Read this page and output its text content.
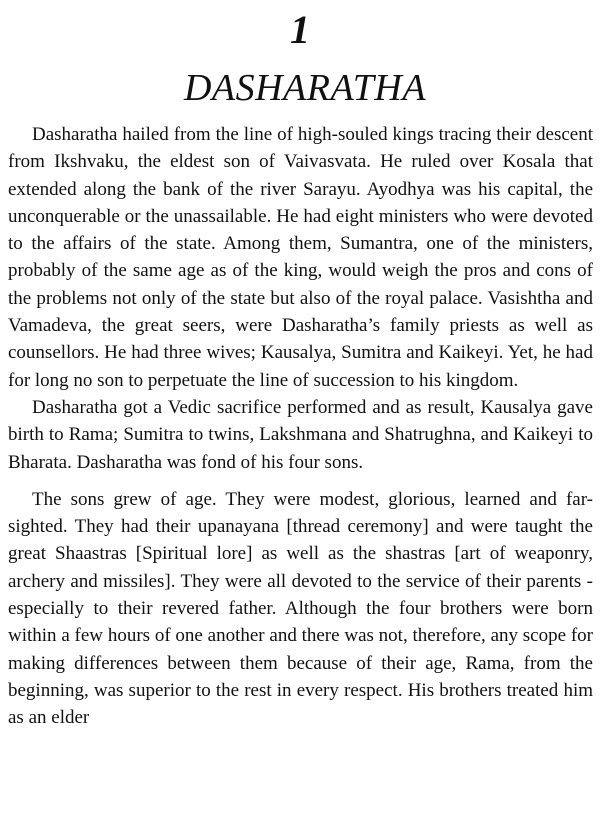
1
DASHARATHA

Dasharatha hailed from the line of high-souled kings tracing their descent from Ikshvaku, the eldest son of Vaivasvata. He ruled over Kosala that extended along the bank of the river Sarayu. Ayodhya was his capital, the unconquerable or the unassailable. He had eight ministers who were devoted to the affairs of the state. Among them, Sumantra, one of the ministers, probably of the same age as of the king, would weigh the pros and cons of the problems not only of the state but also of the royal palace. Vasishtha and Vamadeva, the great seers, were Dasharatha’s family priests as well as counsellors. He had three wives; Kausalya, Sumitra and Kaikeyi. Yet, he had for long no son to perpetuate the line of succession to his kingdom.

Dasharatha got a Vedic sacrifice performed and as result, Kausalya gave birth to Rama; Sumitra to twins, Lakshmana and Shatrughna, and Kaikeyi to Bharata. Dasharatha was fond of his four sons.

The sons grew of age. They were modest, glorious, learned and far-sighted. They had their upanayana [thread ceremony] and were taught the great Shaastras [Spiritual lore] as well as the shastras [art of weaponry, archery and missiles]. They were all devoted to the service of their parents - especially to their revered father. Although the four brothers were born within a few hours of one another and there was not, therefore, any scope for making differences between them because of their age, Rama, from the beginning, was superior to the rest in every respect. His brothers treated him as an elder
